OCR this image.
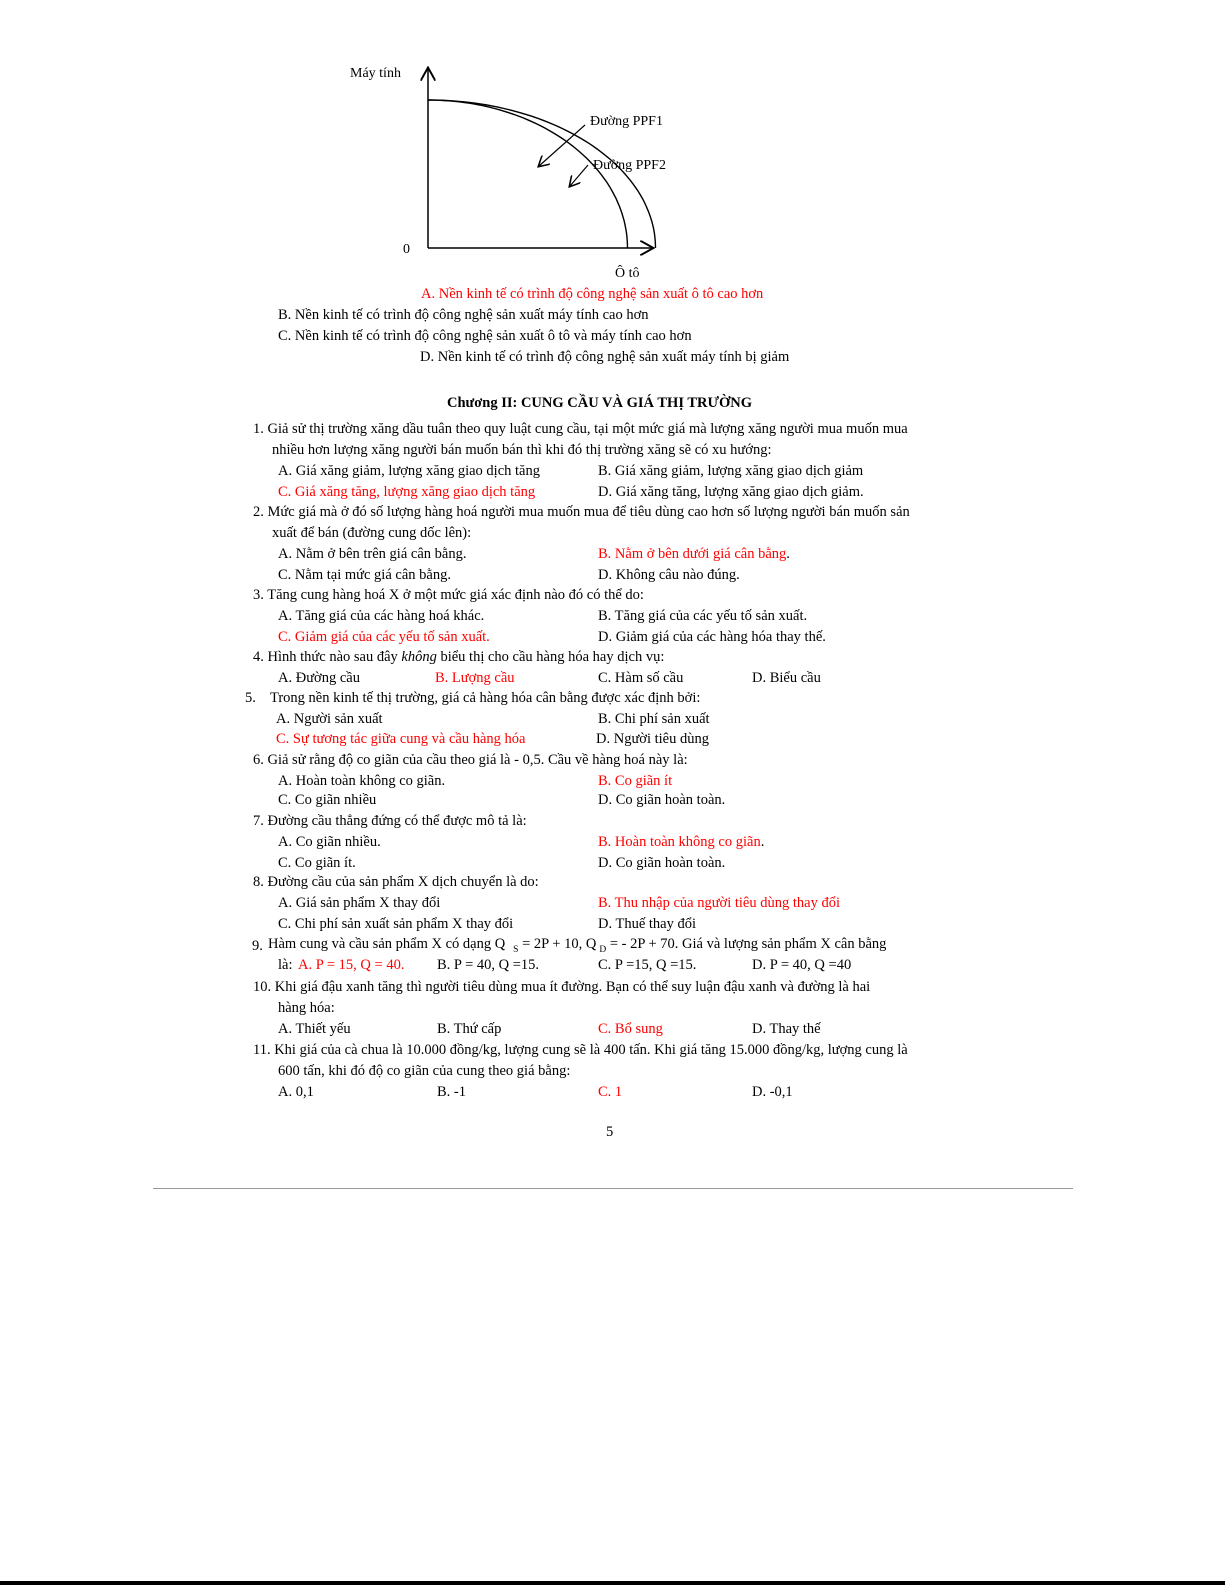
Máy tính
0
Ô tô
Đường PPF1
Đường PPF2
A. Nền kinh tế có trình độ công nghệ sản xuất ô tô cao hơn
B. Nền kinh tế có trình độ công nghệ sản xuất máy tính cao hơn
C. Nền kinh tế có trình độ công nghệ sản xuất ô tô và máy tính cao hơn
D. Nền kinh tế có trình độ công nghệ sản xuất máy tính bị giảm
Chương II: CUNG CẦU VÀ GIÁ THỊ TRƯỜNG
1. Giả sử thị trường xăng dầu tuân theo quy luật cung cầu, tại một mức giá mà lượng xăng người mua muốn mua
nhiều hơn lượng xăng người bán muốn bán thì khi đó thị trường xăng sẽ có xu hướng:
A. Giá xăng giảm, lượng xăng giao dịch tăng	B. Giá xăng giảm, lượng xăng giao dịch giảm
C. Giá xăng tăng, lượng xăng giao dịch tăng	D. Giá xăng tăng, lượng xăng giao dịch giảm.
2. Mức giá mà ở đó số lượng hàng hoá người mua muốn mua để tiêu dùng cao hơn số lượng người bán muốn sản
xuất để bán (đường cung dốc lên):
A. Nằm ở bên trên giá cân bằng.	B. Nằm ở bên dưới giá cân bằng.
C. Nằm tại mức giá cân bằng.	D. Không câu nào đúng.
3. Tăng cung hàng hoá X ở một mức giá xác định nào đó có thể do:
A. Tăng giá của các hàng hoá khác.	B. Tăng giá của các yếu tố sản xuất.
C. Giảm giá của các yếu tố sản xuất.	D. Giảm giá của các hàng hóa thay thế.
4. Hình thức nào sau đây không biểu thị cho cầu hàng hóa hay dịch vụ:
A. Đường cầu	B. Lượng cầu	C. Hàm số cầu	D. Biểu cầu
5. Trong nền kinh tế thị trường, giá cả hàng hóa cân bằng được xác định bởi:
A. Người sản xuất	B. Chi phí sản xuất
C. Sự tương tác giữa cung và cầu hàng hóa	D. Người tiêu dùng
6. Giả sử rằng độ co giãn của cầu theo giá là - 0,5. Cầu về hàng hoá này là:
A. Hoàn toàn không co giãn.	B. Co giãn ít
C. Co giãn nhiều	D. Co giãn hoàn toàn.
7. Đường cầu thẳng đứng có thể được mô tả là:
A. Co giãn nhiều.	B. Hoàn toàn không co giãn.
C. Co giãn ít.	D. Co giãn hoàn toàn.
8. Đường cầu của sản phẩm X dịch chuyển là do:
A. Giá sản phẩm X thay đổi	B. Thu nhập của người tiêu dùng thay đổi
C. Chi phí sản xuất sản phẩm X thay đổi	D. Thuế thay đổi
9. Hàm cung và cầu sản phẩm X có dạng Q $_S$ = 2P + 10, Q $_D$ = - 2P + 70. Giá và lượng sản phẩm X cân bằng
là: A. P = 15, Q = 40. B. P = 40, Q =15.	C. P =15, Q =15.	D. P = 40, Q =40
10. Khi giá đậu xanh tăng thì người tiêu dùng mua ít đường. Bạn có thể suy luận đậu xanh và đường là hai
hàng hóa:
A. Thiết yếu	B. Thứ cấp	C. Bổ sung	D. Thay thế
11. Khi giá của cà chua là 10.000 đồng/kg, lượng cung sẽ là 400 tấn. Khi giá tăng 15.000 đồng/kg, lượng cung là
600 tấn, khi đó độ co giãn của cung theo giá bằng:
A. 0,1	B. -1	C. 1	D. -0,1
5
